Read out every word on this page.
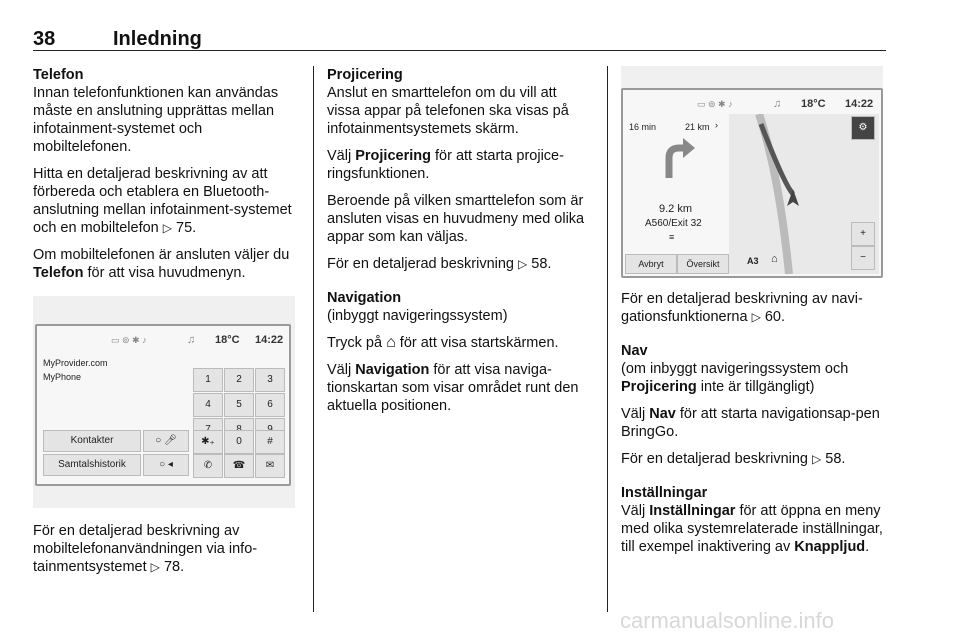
38	Inledning
Telefon

Innan telefonfunktionen kan användas måste en anslutning upprättas mellan infotainment-systemet och mobiltelefonen.

Hitta en detaljerad beskrivning av att förbereda och etablera en Bluetooth-anslutning mellan infotainment-systemet och en mobiltelefon ▷ 75.

Om mobiltelefonen är ansluten väljer du Telefon för att visa huvudmenyn.

▭ ⊚ ✱ ♪	♫ 18°C 14:22
MyProvider.com
MyPhone	1	2	3
4	5	6
✱₊	0	#
Kontakter
Samtalshistorik
○ 🎤︎
○ ◂	✆	☎	✉

För en detaljerad beskrivning av mobiltelefonanvändningen via info-tainmentsystemet ▷ 78.

Projicering

Anslut en smarttelefon om du vill att vissa appar på telefonen ska visas på infotainmentsystemets skärm.

Välj Projicering för att starta projice-ringsfunktionen.

Beroende på vilken smarttelefon som är ansluten visas en huvudmeny med olika appar som kan väljas.

För en detaljerad beskrivning ▷ 58.

Navigation

(inbyggt navigeringssystem)

Tryck på ⌂ för att visa startskärmen.

Välj Navigation för att visa naviga-tionskartan som visar området runt den aktuella positionen.

▭ ⊚ ✱ ♪	♫ 18°C 14:22
⚙
+
−
A3 ⌂
16 min	21 km ›
9.2 km
A560/Exit 32
≡
Avbryt	Översikt

För en detaljerad beskrivning av navi-gationsfunktionerna ▷ 60.

Nav

(om inbyggt navigeringssystem och Projicering inte är tillgängligt)

Välj Nav för att starta navigationsap-pen BringGo.

För en detaljerad beskrivning ▷ 58.

Inställningar

Välj Inställningar för att öppna en meny med olika systemrelaterade inställningar, till exempel inaktivering av Knappljud.

carmanualsonline.info
